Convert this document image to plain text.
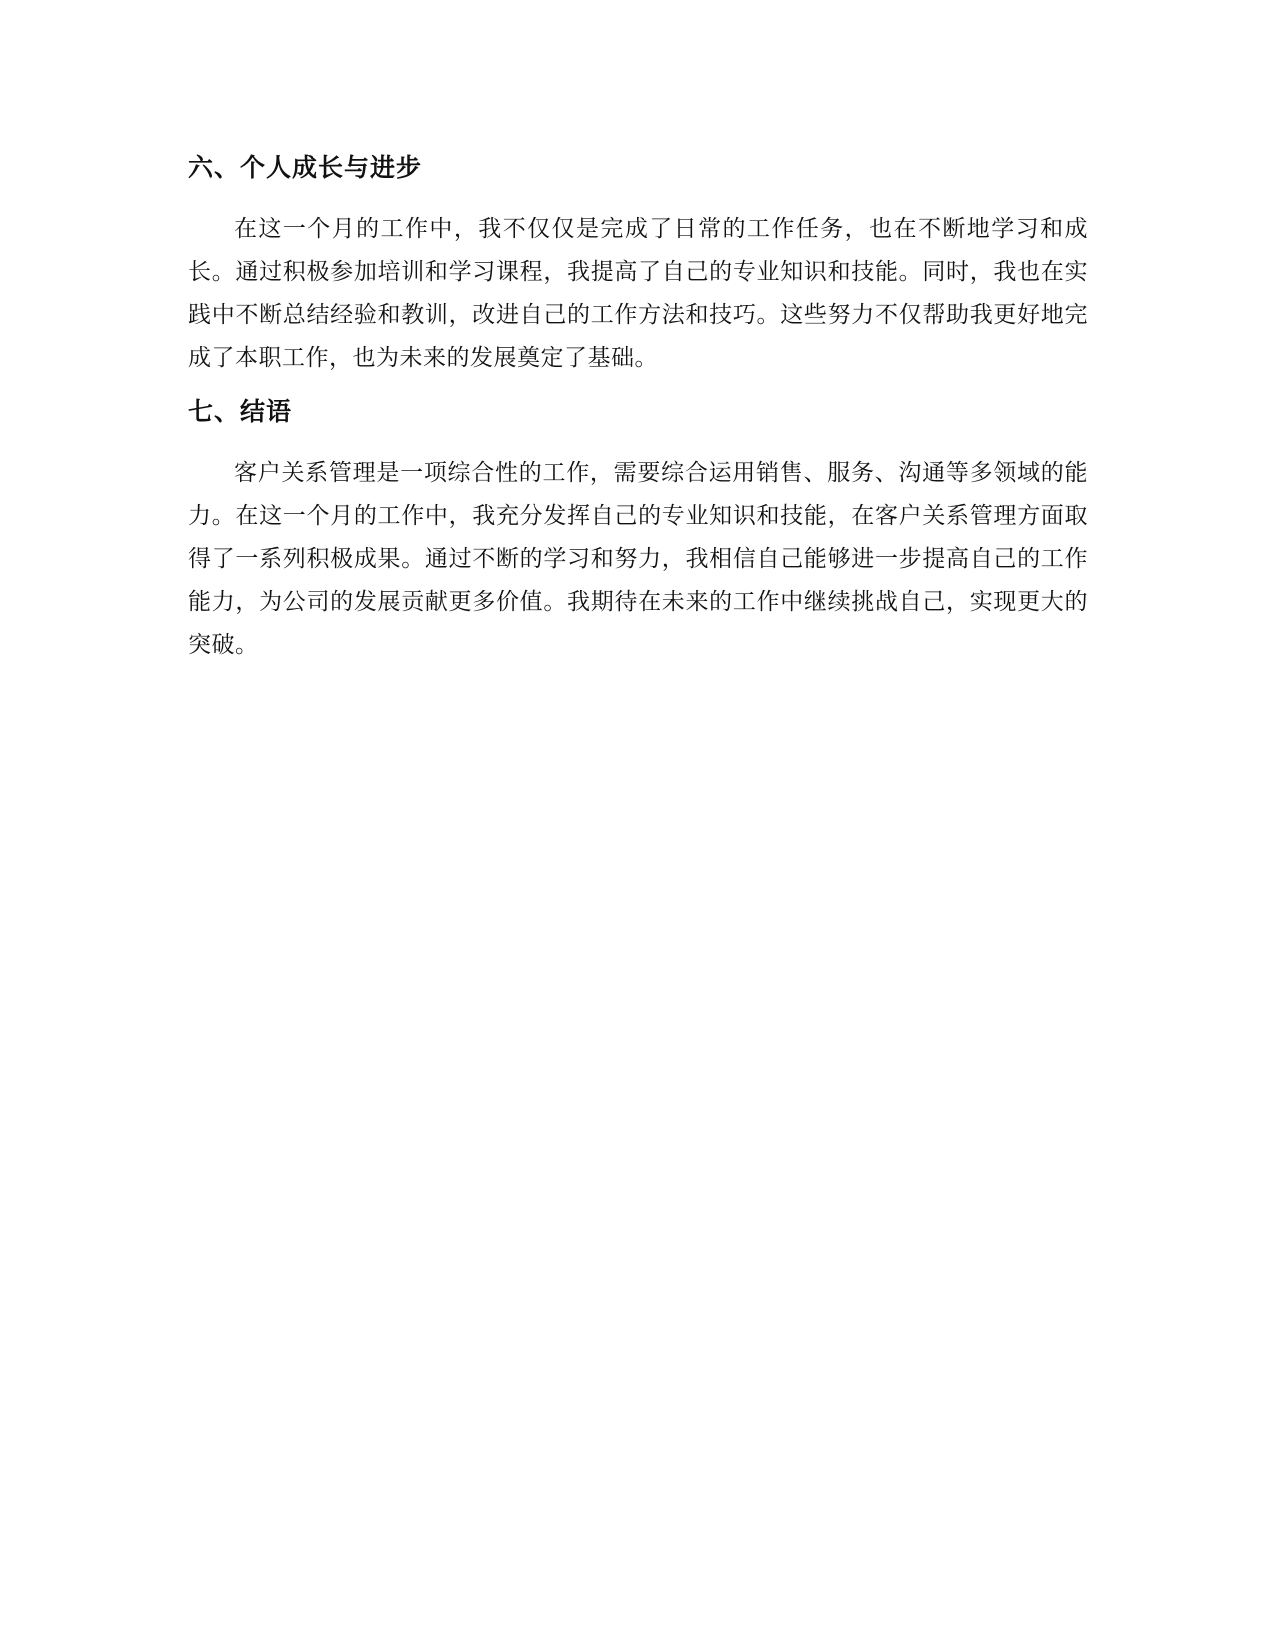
六、个人成长与进步

在这一个月的工作中，我不仅仅是完成了日常的工作任务，也在不断地学习和成长。通过积极参加培训和学习课程，我提高了自己的专业知识和技能。同时，我也在实践中不断总结经验和教训，改进自己的工作方法和技巧。这些努力不仅帮助我更好地完成了本职工作，也为未来的发展奠定了基础。

七、结语

客户关系管理是一项综合性的工作，需要综合运用销售、服务、沟通等多领域的能力。在这一个月的工作中，我充分发挥自己的专业知识和技能，在客户关系管理方面取得了一系列积极成果。通过不断的学习和努力，我相信自己能够进一步提高自己的工作能力，为公司的发展贡献更多价值。我期待在未来的工作中继续挑战自己，实现更大的突破。
